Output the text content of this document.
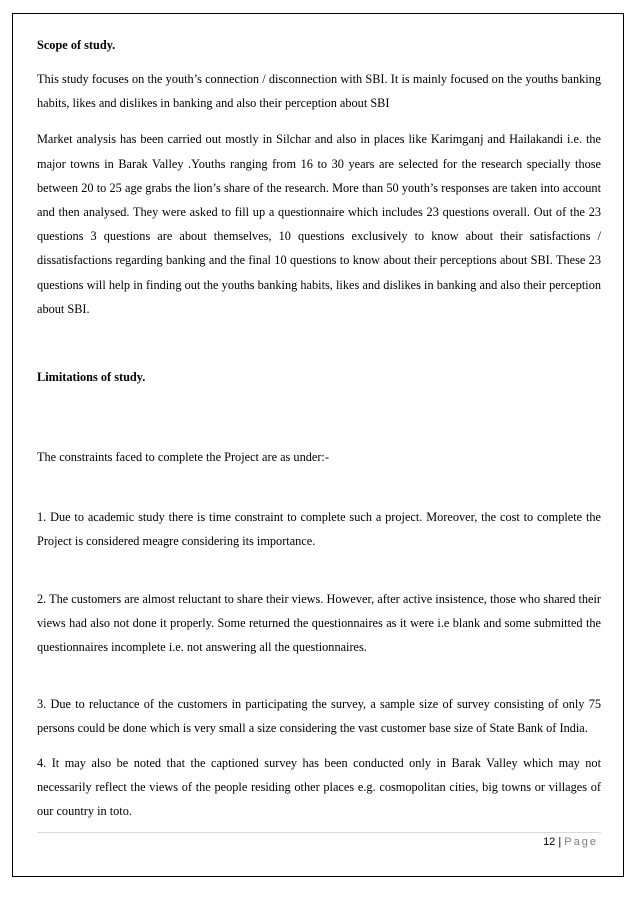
Scope of study.

This study focuses on the youth’s connection / disconnection with SBI. It is mainly focused on the youths banking habits, likes and dislikes in banking and also their perception about SBI

Market analysis has been carried out mostly in Silchar and also in places like Karimganj and Hailakandi i.e. the major towns in Barak Valley .Youths ranging from 16 to 30 years are selected for the research specially those between 20 to 25 age grabs the lion’s share of the research. More than 50 youth’s responses are taken into account and then analysed. They were asked to fill up a questionnaire which includes 23 questions overall. Out of the 23 questions 3 questions are about themselves, 10 questions exclusively to know about their satisfactions / dissatisfactions regarding banking and the final 10 questions to know about their perceptions about SBI. These 23 questions will help in finding out the youths banking habits, likes and dislikes in banking and also their perception about SBI.

Limitations of study.

The constraints faced to complete the Project are as under:-

1. Due to academic study there is time constraint to complete such a project. Moreover, the cost to complete the Project is considered meagre considering its importance.

2. The customers are almost reluctant to share their views. However, after active insistence, those who shared their views had also not done it properly. Some returned the questionnaires as it were i.e blank and some submitted the questionnaires incomplete i.e. not answering all the questionnaires.

3. Due to reluctance of the customers in participating the survey, a sample size of survey consisting of only 75 persons could be done which is very small a size considering the vast customer base size of State Bank of India.

4. It may also be noted that the captioned survey has been conducted only in Barak Valley which may not necessarily reflect the views of the people residing other places e.g. cosmopolitan cities, big towns or villages of our country in toto.

12 | Page
